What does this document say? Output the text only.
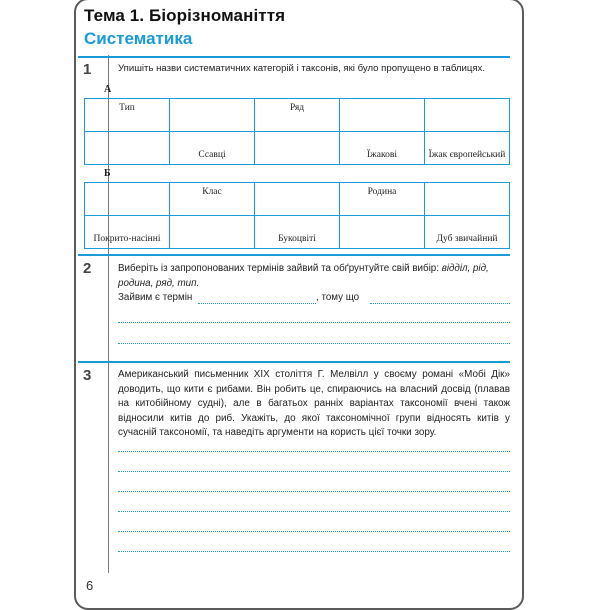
Тема 1. Біорізноманіття
Систематика
1	Упишіть назви систематичних категорій і таксонів, які було пропущено в таблицях.
А
Тип		Ряд		
	Ссавці		Їжакові	Їжак європейський
Б
	Клас		Родина	
Покрито-насінні		Букоцвіті		Дуб звичайний
2	Виберіть із запропонованих термінів зайвий та обґрунтуйте свій вибір: відділ, рід, родина, ряд, тип.
Зайвим є термін	, тому що
3	Американський письменник XIX століття Г. Мелвілл у своєму романі «Мобі Дік» доводить, що кити є рибами. Він робить це, спираючись на власний досвід (плавав на китобійному судні), але в багатьох ранніх варіантах таксономії вчені також відносили китів до риб. Укажіть, до якої таксономічної групи відносять китів у сучасній таксономії, та наведіть аргументи на користь цієї точки зору.
6
